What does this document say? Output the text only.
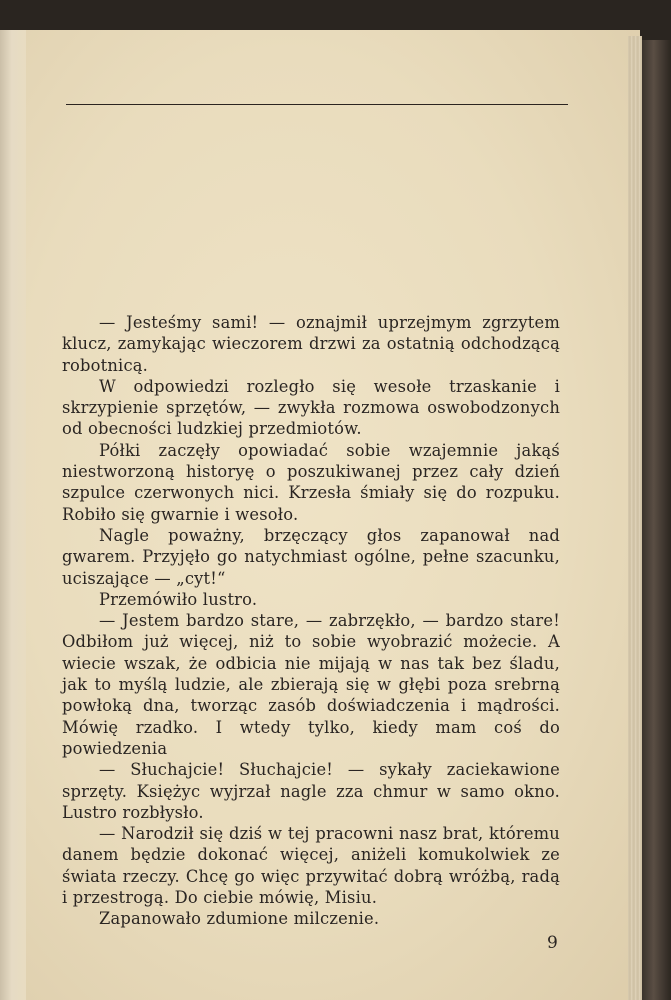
— Jesteśmy sami! — oznajmił uprzejmym zgrzytem klucz, zamykając wieczorem drzwi za ostatnią odchodzącą robotnicą.

W odpowiedzi rozległo się wesołe trzaskanie i skrzypienie sprzętów, — zwykła rozmowa oswobodzonych od obecności ludzkiej przedmiotów.

Półki zaczęły opowiadać sobie wzajemnie jakąś niestworzoną historyę o poszukiwanej przez cały dzień szpulce czerwonych nici. Krzesła śmiały się do rozpuku. Robiło się gwarnie i wesoło.

Nagle poważny, brzęczący głos zapanował nad gwarem. Przyjęło go natychmiast ogólne, pełne szacunku, uciszające — „cyt!“

Przemówiło lustro.

— Jestem bardzo stare, — zabrzękło, — bardzo stare! Odbiłom już więcej, niż to sobie wyobrazić możecie. A wiecie wszak, że odbicia nie mijają w nas tak bez śladu, jak to myślą ludzie, ale zbierają się w głębi poza srebrną powłoką dna, tworząc zasób doświadczenia i mądrości. Mówię rzadko. I wtedy tylko, kiedy mam coś do powiedzenia

— Słuchajcie! Słuchajcie! — sykały zaciekawione sprzęty. Księżyc wyjrzał nagle zza chmur w samo okno. Lustro rozbłysło.

— Narodził się dziś w tej pracowni nasz brat, któremu danem będzie dokonać więcej, aniżeli komukolwiek ze świata rzeczy. Chcę go więc przywitać dobrą wróżbą, radą i przestrogą. Do ciebie mówię, Misiu.

Zapanowało zdumione milczenie.

9
